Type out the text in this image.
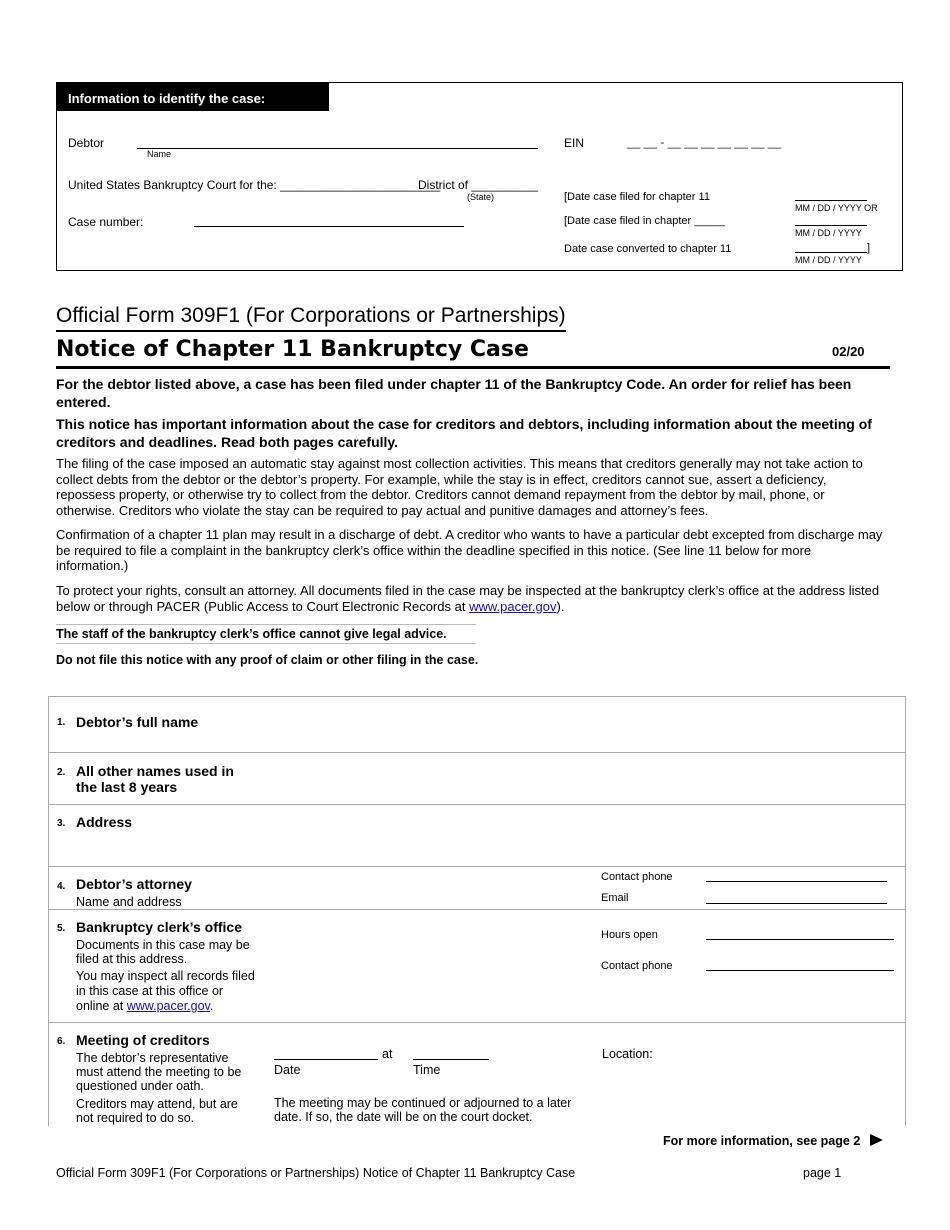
Information to identify the case:
Debtor
Name
EIN	__ __ - __ __ __ __ __ __ __
United States Bankruptcy Court for the: ________________________
District of __________
(State)
Case number:
[Date case filed for chapter 11
MM / DD / YYYY OR
[Date case filed in chapter _____
MM / DD / YYYY
Date case converted to chapter 11	]
MM / DD / YYYY
Official Form 309F1 (For Corporations or Partnerships)
Notice of Chapter 11 Bankruptcy Case	02/20
For the debtor listed above, a case has been filed under chapter 11 of the Bankruptcy Code. An order for relief has been entered.
This notice has important information about the case for creditors and debtors, including information about the meeting of creditors and deadlines. Read both pages carefully.
The filing of the case imposed an automatic stay against most collection activities. This means that creditors generally may not take action to collect debts from the debtor or the debtor’s property. For example, while the stay is in effect, creditors cannot sue, assert a deficiency, repossess property, or otherwise try to collect from the debtor. Creditors cannot demand repayment from the debtor by mail, phone, or otherwise. Creditors who violate the stay can be required to pay actual and punitive damages and attorney’s fees.
Confirmation of a chapter 11 plan may result in a discharge of debt. A creditor who wants to have a particular debt excepted from discharge may be required to file a complaint in the bankruptcy clerk’s office within the deadline specified in this notice. (See line 11 below for more information.)
To protect your rights, consult an attorney. All documents filed in the case may be inspected at the bankruptcy clerk’s office at the address listed below or through PACER (Public Access to Court Electronic Records at www.pacer.gov).
The staff of the bankruptcy clerk’s office cannot give legal advice.
Do not file this notice with any proof of claim or other filing in the case.
1. Debtor’s full name
2. All other names used in
the last 8 years
3. Address
4. Debtor’s attorney
Name and address
Contact phone
Email
5. Bankruptcy clerk’s office
Documents in this case may be
filed at this address.
You may inspect all records filed
in this case at this office or
online at www.pacer.gov.
Hours open
Contact phone
6. Meeting of creditors
The debtor’s representative
must attend the meeting to be
questioned under oath.
Creditors may attend, but are
not required to do so.
at
Date	Time
Location:
The meeting may be continued or adjourned to a later
date. If so, the date will be on the court docket.
For more information, see page 2
Official Form 309F1 (For Corporations or Partnerships) Notice of Chapter 11 Bankruptcy Case	page 1
